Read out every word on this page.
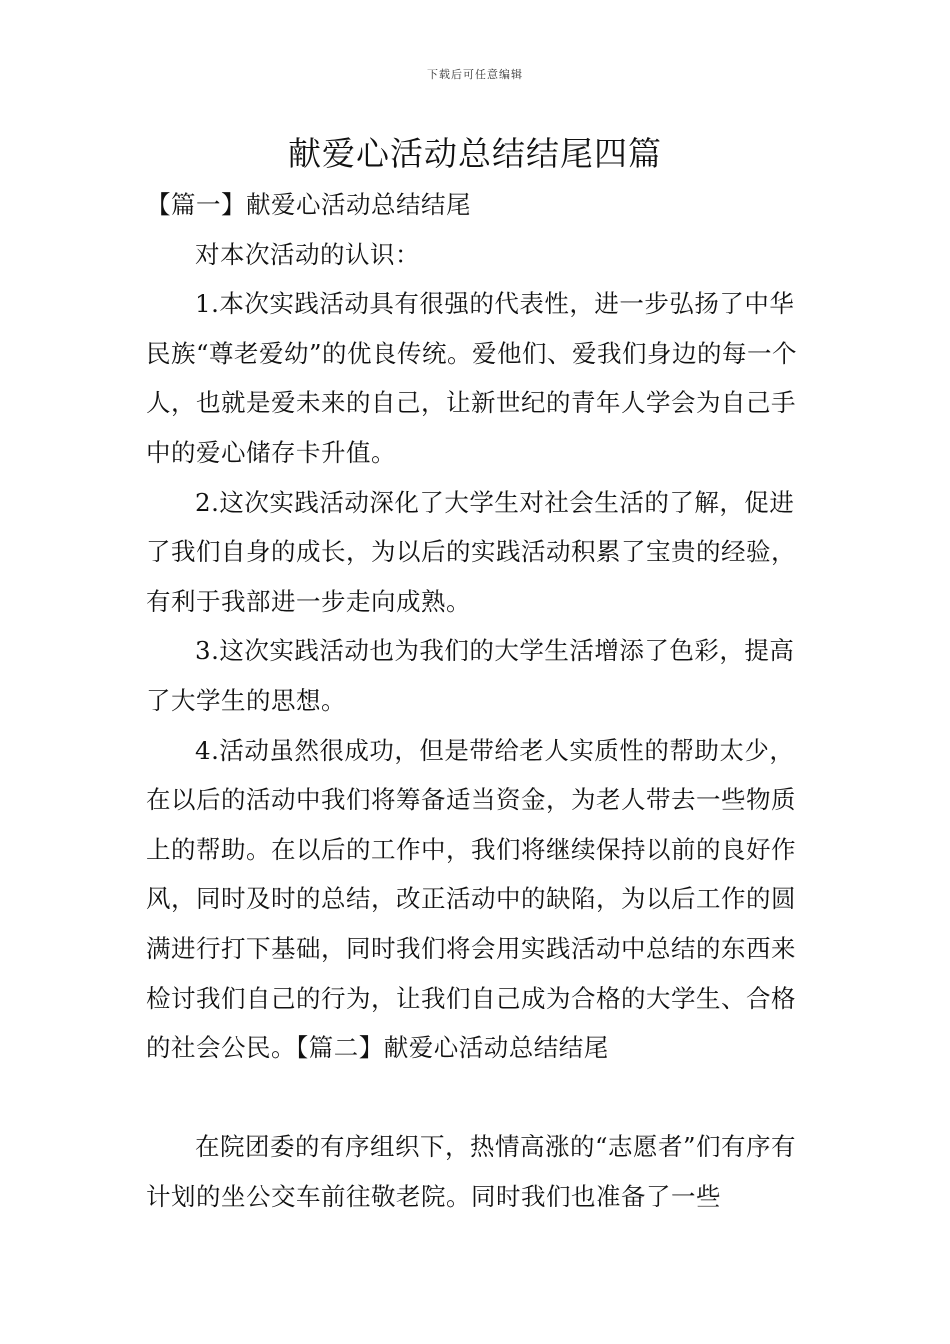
下载后可任意编辑
献爱心活动总结结尾四篇

【篇一】献爱心活动总结结尾

对本次活动的认识：

1.本次实践活动具有很强的代表性，进一步弘扬了中华民族“尊老爱幼”的优良传统。爱他们、爱我们身边的每一个人，也就是爱未来的自己，让新世纪的青年人学会为自己手中的爱心储存卡升值。

2.这次实践活动深化了大学生对社会生活的了解，促进了我们自身的成长，为以后的实践活动积累了宝贵的经验，有利于我部进一步走向成熟。

3.这次实践活动也为我们的大学生活增添了色彩，提高了大学生的思想。

4.活动虽然很成功，但是带给老人实质性的帮助太少，在以后的活动中我们将筹备适当资金，为老人带去一些物质上的帮助。在以后的工作中，我们将继续保持以前的良好作风，同时及时的总结，改正活动中的缺陷，为以后工作的圆满进行打下基础，同时我们将会用实践活动中总结的东西来检讨我们自己的行为，让我们自己成为合格的大学生、合格的社会公民。【篇二】献爱心活动总结结尾

在院团委的有序组织下，热情高涨的“志愿者”们有序有计划的坐公交车前往敬老院。同时我们也准备了一些
